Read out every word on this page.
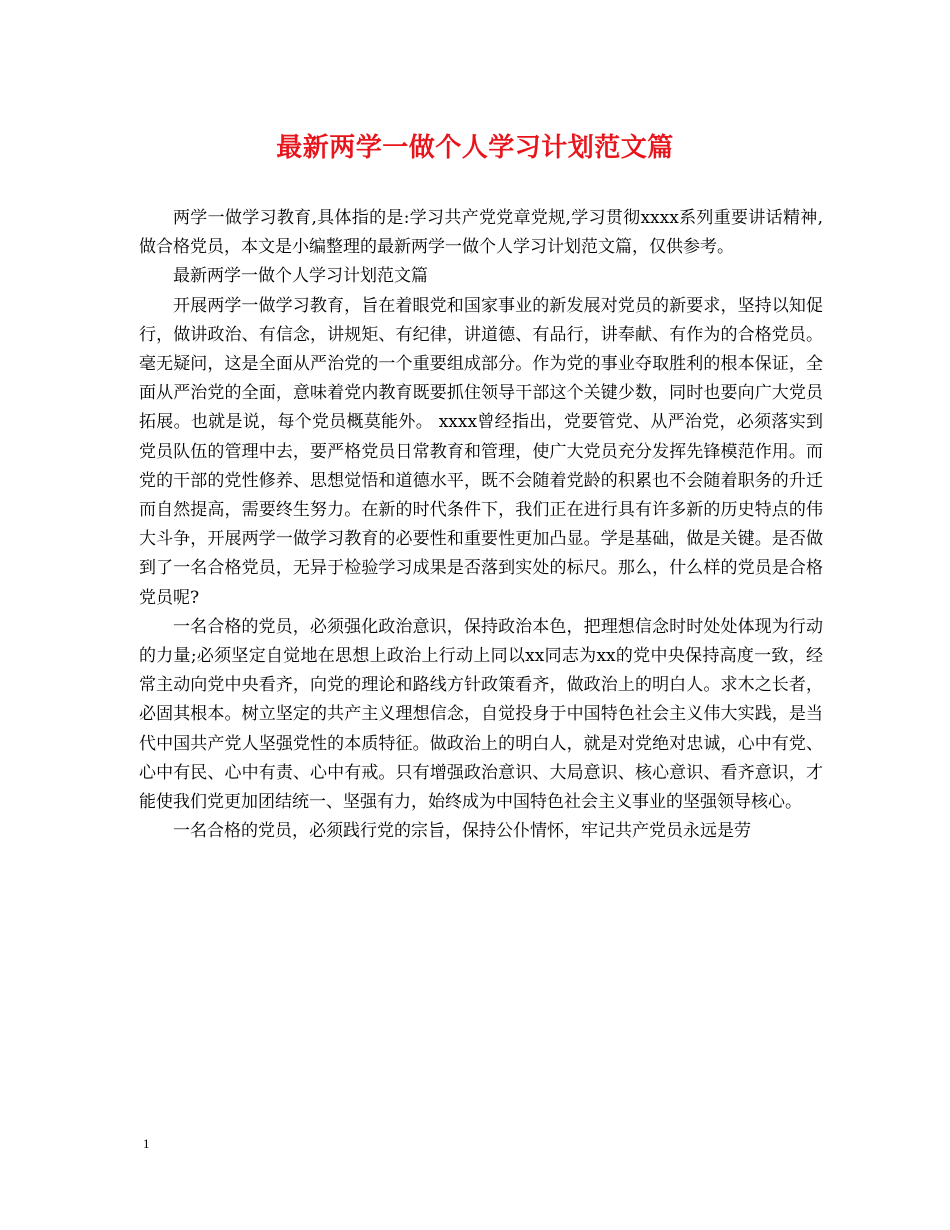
最新两学一做个人学习计划范文篇

两学一做学习教育,具体指的是:学习共产党党章党规,学习贯彻xxxx系列重要讲话精神,做合格党员，本文是小编整理的最新两学一做个人学习计划范文篇，仅供参考。

最新两学一做个人学习计划范文篇

开展两学一做学习教育，旨在着眼党和国家事业的新发展对党员的新要求，坚持以知促行，做讲政治、有信念，讲规矩、有纪律，讲道德、有品行，讲奉献、有作为的合格党员。毫无疑问，这是全面从严治党的一个重要组成部分。作为党的事业夺取胜利的根本保证，全面从严治党的全面，意味着党内教育既要抓住领导干部这个关键少数，同时也要向广大党员拓展。也就是说，每个党员概莫能外。 xxxx曾经指出，党要管党、从严治党，必须落实到党员队伍的管理中去，要严格党员日常教育和管理，使广大党员充分发挥先锋模范作用。而党的干部的党性修养、思想觉悟和道德水平，既不会随着党龄的积累也不会随着职务的升迁而自然提高，需要终生努力。在新的时代条件下，我们正在进行具有许多新的历史特点的伟大斗争，开展两学一做学习教育的必要性和重要性更加凸显。学是基础，做是关键。是否做到了一名合格党员，无异于检验学习成果是否落到实处的标尺。那么，什么样的党员是合格党员呢?

一名合格的党员，必须强化政治意识，保持政治本色，把理想信念时时处处体现为行动的力量;必须坚定自觉地在思想上政治上行动上同以xx同志为xx的党中央保持高度一致，经常主动向党中央看齐，向党的理论和路线方针政策看齐，做政治上的明白人。求木之长者，必固其根本。树立坚定的共产主义理想信念，自觉投身于中国特色社会主义伟大实践，是当代中国共产党人坚强党性的本质特征。做政治上的明白人，就是对党绝对忠诚，心中有党、心中有民、心中有责、心中有戒。只有增强政治意识、大局意识、核心意识、看齐意识，才能使我们党更加团结统一、坚强有力，始终成为中国特色社会主义事业的坚强领导核心。

一名合格的党员，必须践行党的宗旨，保持公仆情怀，牢记共产党员永远是劳

1
